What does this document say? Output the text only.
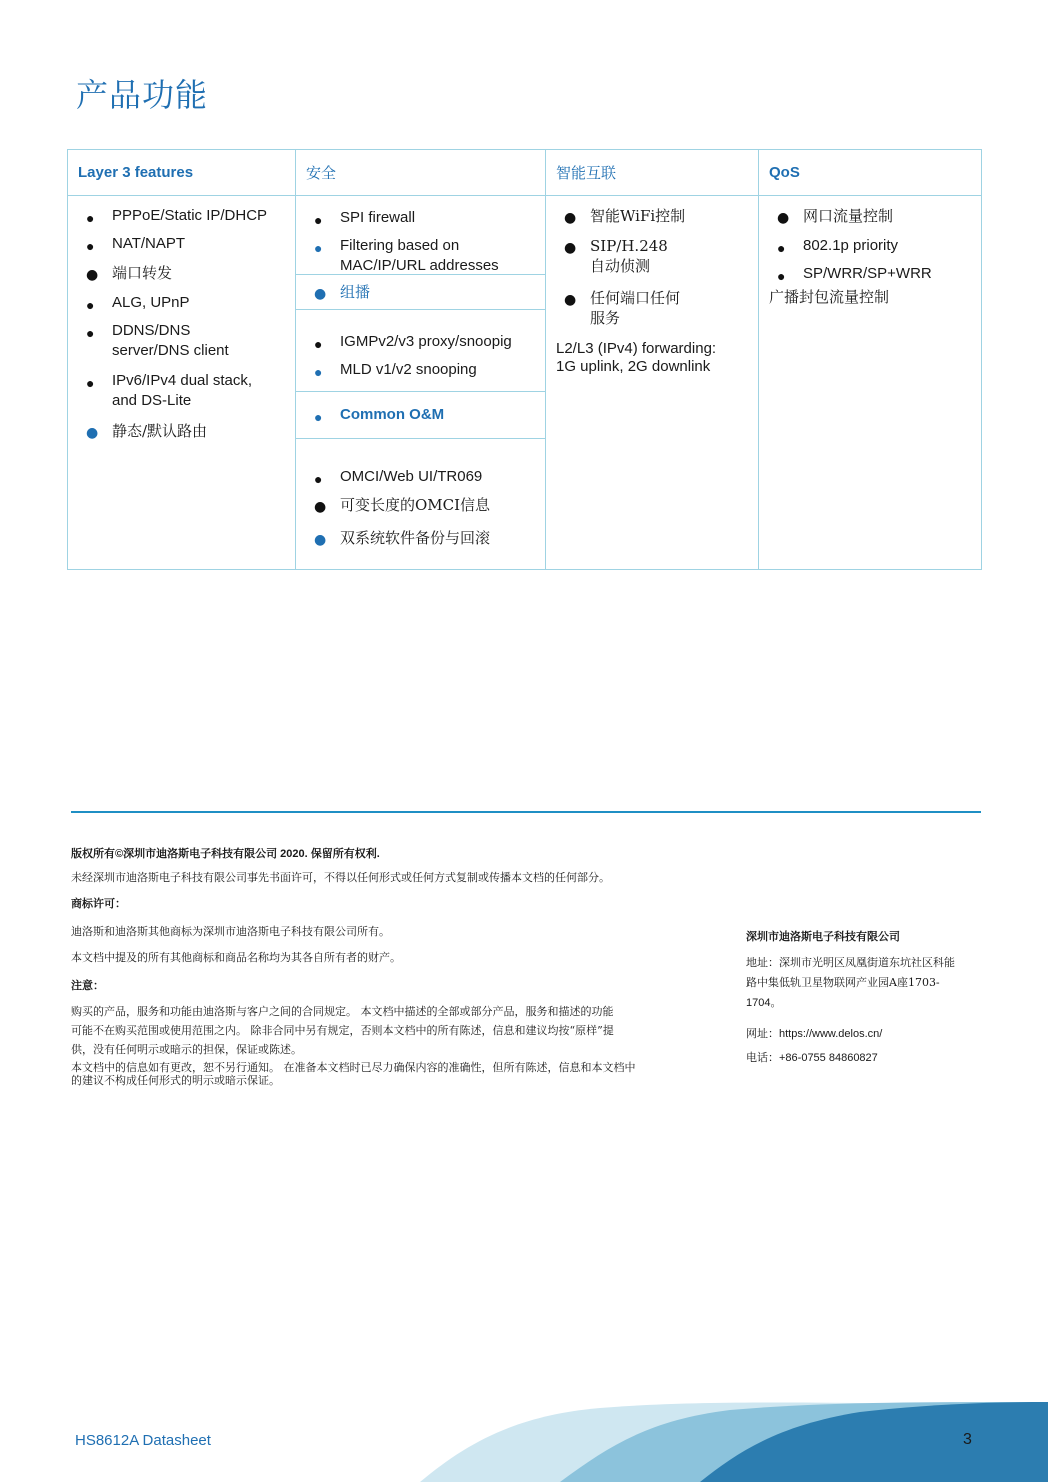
产品功能
Layer 3 features
● PPPoE/Static IP/DHCP
● NAT/NAPT
● 端口转发
● ALG, UPnP
● DDNS/DNS server/DNS client
● IPv6/IPv4 dual stack, and DS-Lite
● 静态/默认路由
安全
● SPI firewall
● Filtering based on MAC/IP/URL addresses
● 组播
● IGMPv2/v3 proxy/snoopig
● MLD v1/v2 snooping
● Common O&M
● OMCI/Web UI/TR069
● 可变长度的OMCI信息
● 双系统软件备份与回滚
智能互联
● 智能WiFi控制
● SIP/H.248 自动侦测
● 任何端口任何服务
L2/L3 (IPv4) forwarding: 1G uplink, 2G downlink
QoS
● 网口流量控制
● 802.1p priority
● SP/WRR/SP+WRR
广播封包流量控制
版权所有©深圳市迪洛斯电子科技有限公司 2020. 保留所有权利.
未经深圳市迪洛斯电子科技有限公司事先书面许可，不得以任何形式或任何方式复制或传播本文档的任何部分。
商标许可：
迪洛斯和迪洛斯其他商标为深圳市迪洛斯电子科技有限公司所有。
本文档中提及的所有其他商标和商品名称均为其各自所有者的财产。
注意：
购买的产品，服务和功能由迪洛斯与客户之间的合同规定。 本文档中描述的全部或部分产品，服务和描述的功能
可能不在购买范围或使用范围之内。 除非合同中另有规定，否则本文档中的所有陈述，信息和建议均按“原样”提
供，没有任何明示或暗示的担保，保证或陈述。
本文档中的信息如有更改，恕不另行通知。 在准备本文档时已尽力确保内容的准确性，但所有陈述，信息和本文档中
的建议不构成任何形式的明示或暗示保证。
深圳市迪洛斯电子科技有限公司
地址：深圳市光明区凤凰街道东坑社区科能
路中集低轨卫星物联网产业园A座1703-
1704。
网址：https://www.delos.cn/
电话：+86-0755 84860827
HS8612A Datasheet	3
